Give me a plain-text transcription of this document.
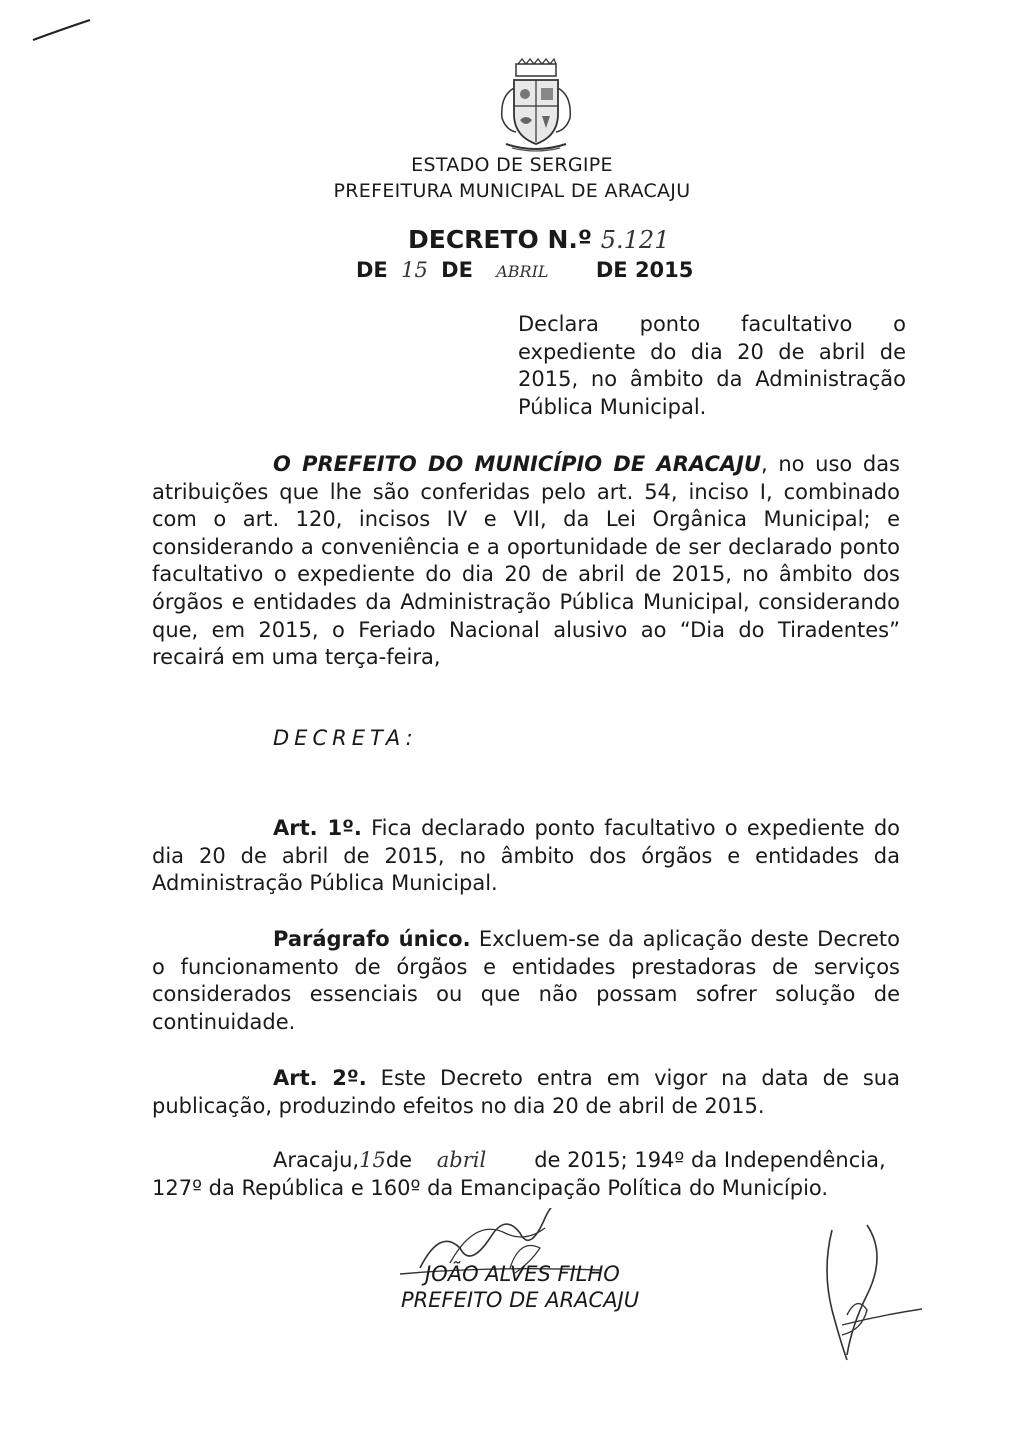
ESTADO DE SERGIPE
PREFEITURA MUNICIPAL DE ARACAJU
DECRETO N.º 5.121
DE 15 DE ABRIL DE 2015
Declara ponto facultativo o expediente do dia 20 de abril de 2015, no âmbito da Administração Pública Municipal.
O PREFEITO DO MUNICÍPIO DE ARACAJU, no uso das atribuições que lhe são conferidas pelo art. 54, inciso I, combinado com o art. 120, incisos IV e VII, da Lei Orgânica Municipal; e considerando a conveniência e a oportunidade de ser declarado ponto facultativo o expediente do dia 20 de abril de 2015, no âmbito dos órgãos e entidades da Administração Pública Municipal, considerando que, em 2015, o Feriado Nacional alusivo ao “Dia do Tiradentes” recairá em uma terça-feira,
DECRETA:
Art. 1º. Fica declarado ponto facultativo o expediente do dia 20 de abril de 2015, no âmbito dos órgãos e entidades da Administração Pública Municipal.
Parágrafo único. Excluem-se da aplicação deste Decreto o funcionamento de órgãos e entidades prestadoras de serviços considerados essenciais ou que não possam sofrer solução de continuidade.
Art. 2º. Este Decreto entra em vigor na data de sua publicação, produzindo efeitos no dia 20 de abril de 2015.
Aracaju,15de abril de 2015; 194º da Independência,
127º da República e 160º da Emancipação Política do Município.
JOÃO ALVES FILHO
PREFEITO DE ARACAJU
